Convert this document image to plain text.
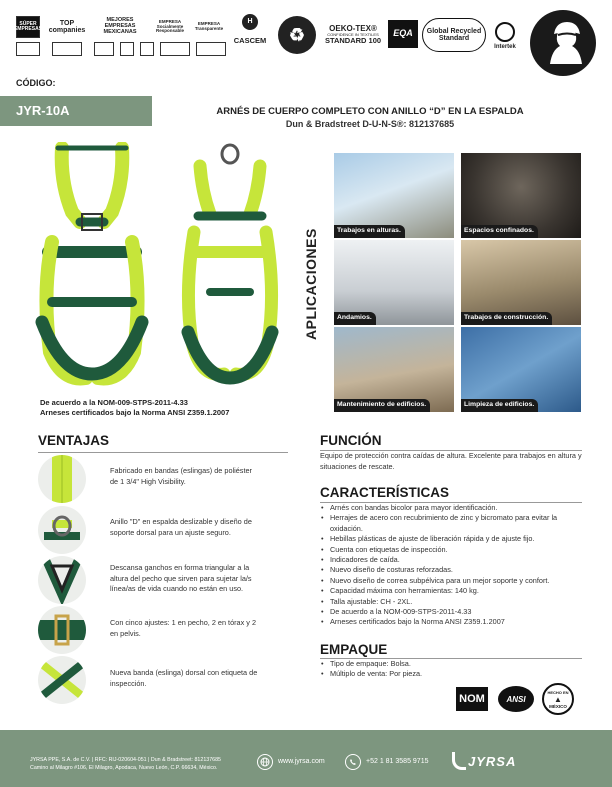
SÚPER EMPRESAS
TOP companies
MEJORES EMPRESAS MEXICANAS
EMPRESA Socialmente Responsable
EMPRESA Transparente
CASCEM
H
♻	OEKO-TEX®
CONFIDENCE IN TEXTILES
STANDARD 100
EQA	Global Recycled Standard
Intertek
CÓDIGO:
JYR-10A	ARNÉS DE CUERPO COMPLETO CON ANILLO “D” EN LA ESPALDA
Dun & Bradstreet D-U-N-S®: 812137685
De acuerdo a la NOM-009-STPS-2011-4.33
Arneses certificados bajo la Norma ANSI Z359.1.2007
APLICACIONES	Trabajos en alturas.	Espacios confinados.
Andamios.	Trabajos de construcción.
Mantenimiento de edificios.	Limpieza de edificios.
VENTAJAS
Fabricado en bandas (eslingas) de poliéster de 1 3/4" High Visibility.
Anillo "D" en espalda deslizable y diseño de soporte dorsal para un ajuste seguro.
Descansa ganchos en forma triangular a la altura del pecho que sirven para sujetar la/s línea/as de vida cuando no están en uso.
Con cinco ajustes: 1 en pecho, 2 en tórax y 2 en pelvis.
Nueva banda (eslinga) dorsal con etiqueta de inspección.
FUNCIÓN
Equipo de protección contra caídas de altura. Excelente para trabajos en altura y situaciones de rescate.
CARACTERÍSTICAS
• Arnés con bandas bicolor para mayor identificación.
• Herrajes de acero con recubrimiento de zinc y bicromato para evitar la oxidación.
• Hebillas plásticas de ajuste de liberación rápida y de ajuste fijo.
• Cuenta con etiquetas de inspección.
• Indicadores de caída.
• Nuevo diseño de costuras reforzadas.
• Nuevo diseño de correa subpélvica para un mejor soporte y confort.
• Capacidad máxima con herramientas: 140 kg.
• Talla ajustable: CH - 2XL.
• De acuerdo a la NOM-009-STPS-2011-4.33
• Arneses certificados bajo la Norma ANSI Z359.1.2007
EMPAQUE
• Tipo de empaque: Bolsa.
• Múltiplo de venta: Por pieza.
NOM	ANSI
HECHO EN
▲
MÉXICO
JYRSA PPE, S.A. de C.V. | RFC: RIJ-020604-051 | Dun & Bradstreet: 812137685
Camino al Milagro #106, El Milagro, Apodaca, Nuevo León, C.P. 66634, México.
www.jyrsa.com	+52 1 81 3585 9715	JYRSA
